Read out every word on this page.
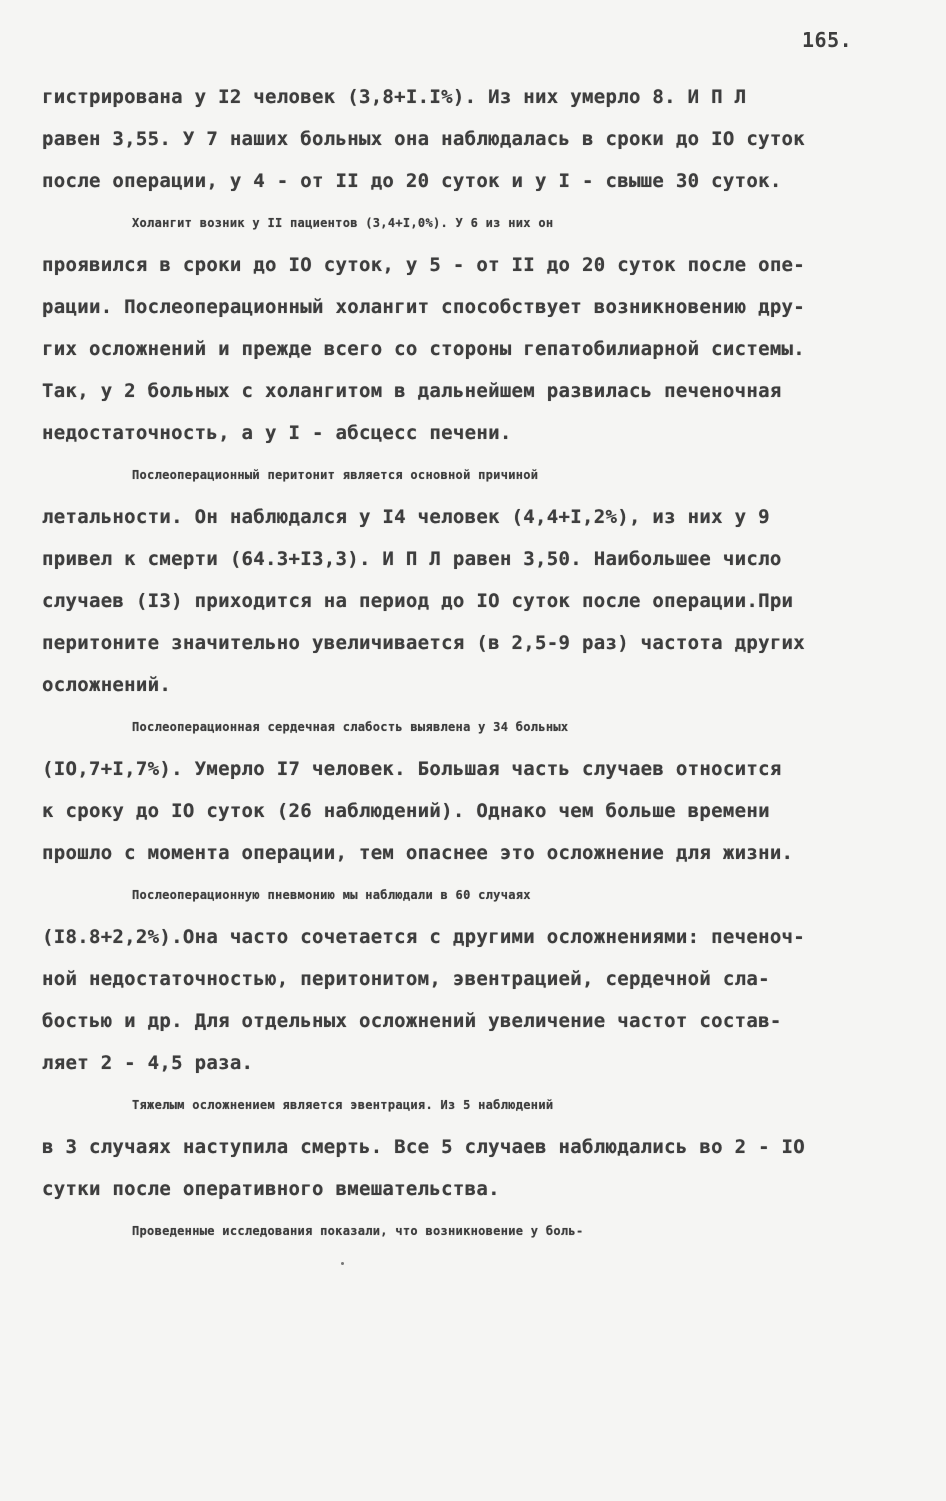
165.
гистрирована у I2 человек (3,8+I.I%). Из них умерло 8. И П Л
равен 3,55. У 7 наших больных она наблюдалась в сроки до IO суток
после операции, у 4 - от II до 20 суток и у I - свыше 30 суток.
Холангит возник у II пациентов (3,4+I,0%). У 6 из них он
проявился в сроки до IO суток, у 5 - от II до 20 суток после опе-
рации. Послеоперационный холангит способствует возникновению дру-
гих осложнений и прежде всего со стороны гепатобилиарной системы.
Так, у 2 больных с холангитом в дальнейшем развилась печеночная
недостаточность, а у I - абсцесс печени.
Послеоперационный перитонит является основной причиной
летальности. Он наблюдался у I4 человек (4,4+I,2%), из них у 9
привел к смерти (64.3+I3,3). И П Л равен 3,50. Наибольшее число
случаев (I3) приходится на период до IO суток после операции.При
перитоните значительно увеличивается (в 2,5-9 раз) частота других
осложнений.
Послеоперационная сердечная слабость выявлена у 34 больных
(IO,7+I,7%). Умерло I7 человек. Большая часть случаев относится
к сроку до IO суток (26 наблюдений). Однако чем больше времени
прошло с момента операции, тем опаснее это осложнение для жизни.
Послеоперационную пневмонию мы наблюдали в 60 случаях
(I8.8+2,2%).Она часто сочетается с другими осложнениями: печеноч-
ной недостаточностью, перитонитом, эвентрацией, сердечной сла-
бостью и др. Для отдельных осложнений увеличение частот состав-
ляет 2 - 4,5 раза.
Тяжелым осложнением является эвентрация. Из 5 наблюдений
в 3 случаях наступила смерть. Все 5 случаев наблюдались во 2 - IO
сутки после оперативного вмешательства.
Проведенные исследования показали, что возникновение у боль-
